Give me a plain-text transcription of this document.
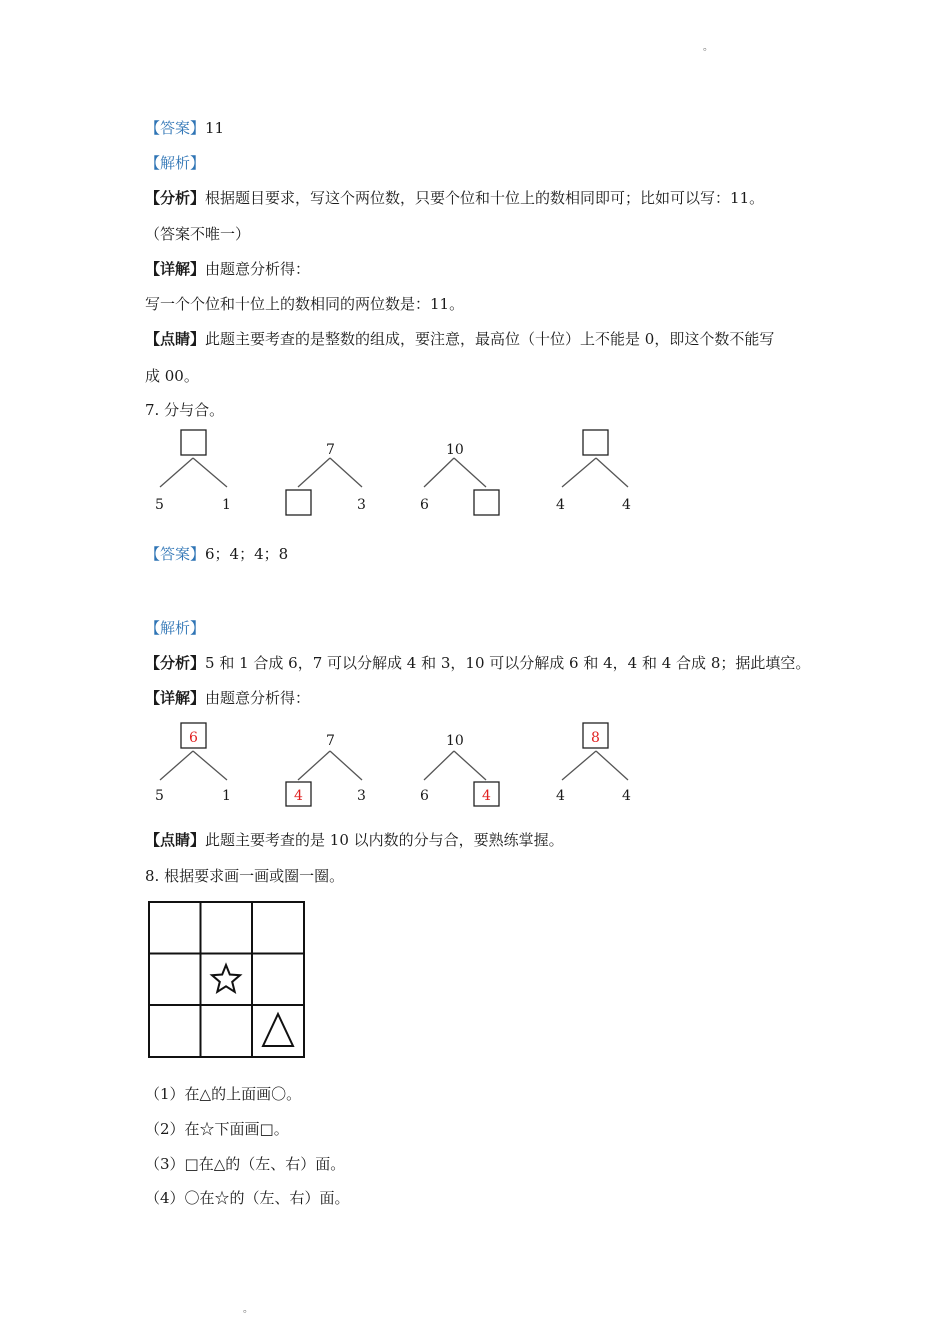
。
【答案】11
【解析】
【分析】根据题目要求，写这个两位数，只要个位和十位上的数相同即可；比如可以写：11。
（答案不唯一）
【详解】由题意分析得：
写一个个位和十位上的数相同的两位数是：11。
【点睛】此题主要考查的是整数的组成，要注意，最高位（十位）上不能是 0，即这个数不能写
成 00。
7. 分与合。
5	1
7
3
10
6	4	4
【答案】6；4；4；8
【解析】
【分析】5 和 1 合成 6，7 可以分解成 4 和 3，10 可以分解成 6 和 4，4 和 4 合成 8；据此填空。
【详解】由题意分析得：
6
5	1
7
4	3
10
6	4
8
4	4
【点睛】此题主要考查的是 10 以内数的分与合，要熟练掌握。
8. 根据要求画一画或圈一圈。
（1）在△的上面画〇。
（2）在☆下面画□。
（3）□在△的（左、右）面。
（4）〇在☆的（左、右）面。
。
